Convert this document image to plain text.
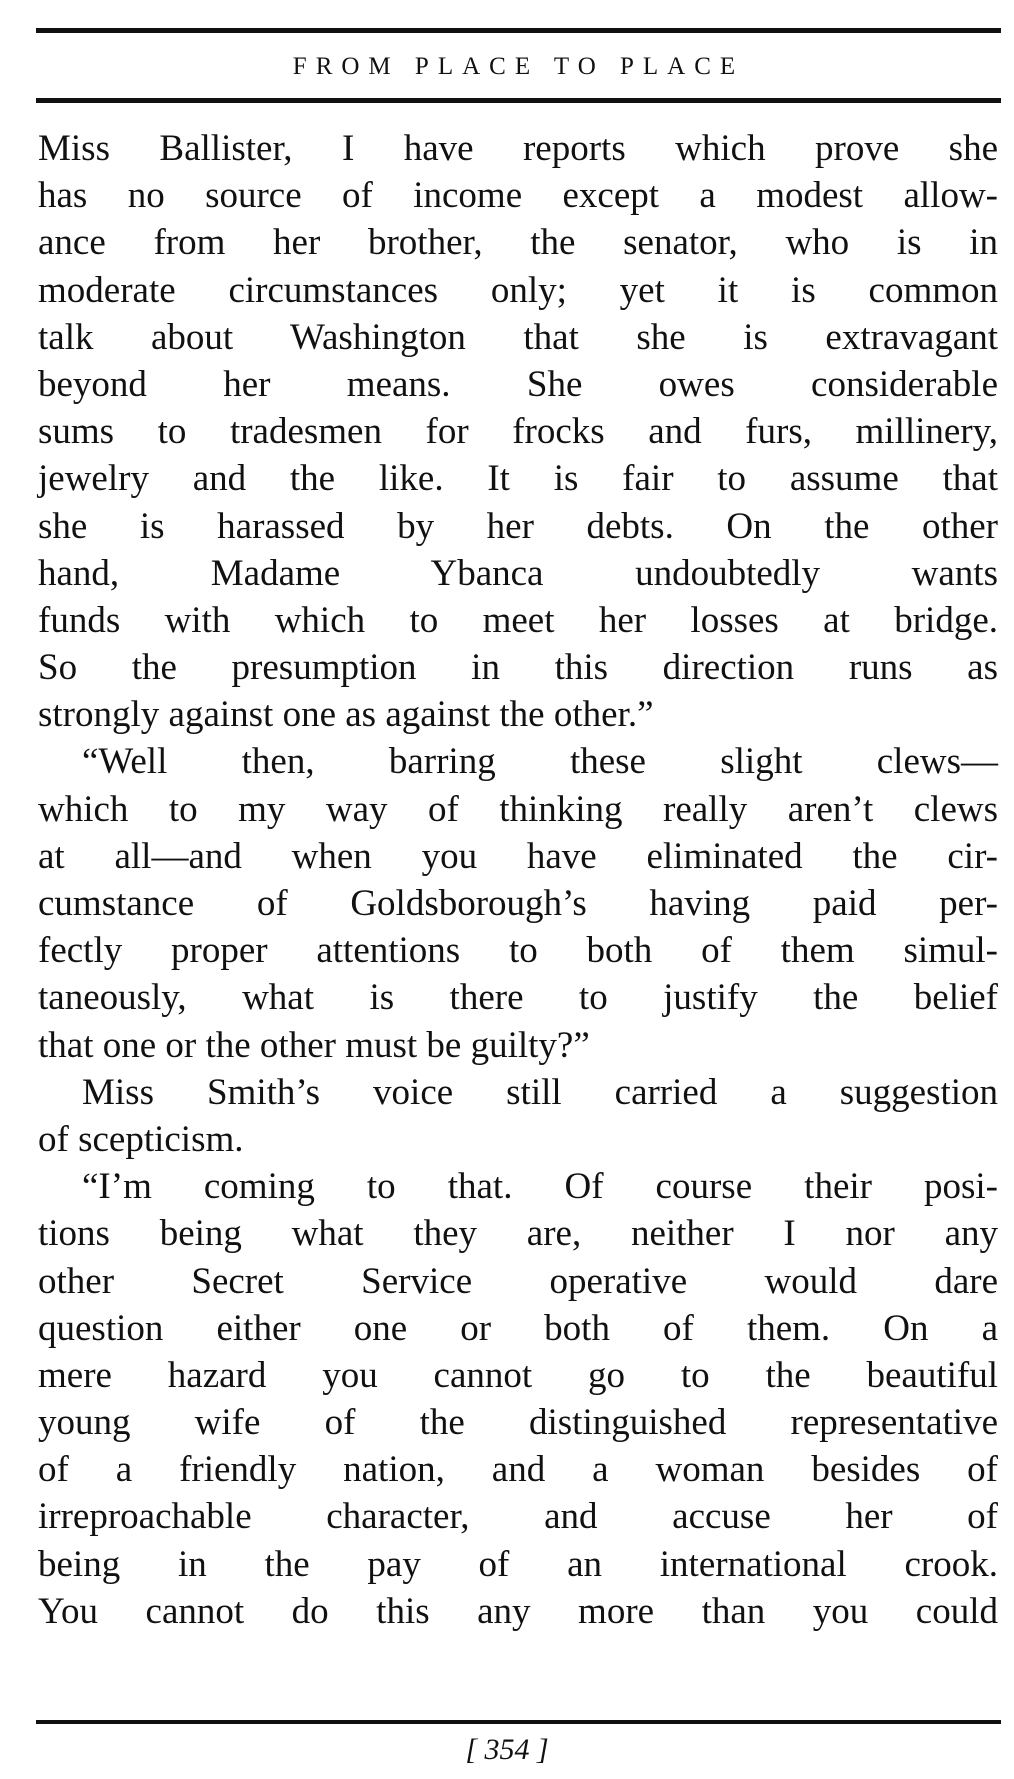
FROM PLACE TO PLACE
Miss Ballister, I have reports which prove she
has no source of income except a modest allow-
ance from her brother, the senator, who is in
moderate circumstances only; yet it is common
talk about Washington that she is extravagant
beyond her means. She owes considerable
sums to tradesmen for frocks and furs, millinery,
jewelry and the like. It is fair to assume that
she is harassed by her debts. On the other
hand, Madame Ybanca undoubtedly wants
funds with which to meet her losses at bridge.
So the presumption in this direction runs as
strongly against one as against the other.”
“Well then, barring these slight clews—
which to my way of thinking really aren’t clews
at all—and when you have eliminated the cir-
cumstance of Goldsborough’s having paid per-
fectly proper attentions to both of them simul-
taneously, what is there to justify the belief
that one or the other must be guilty?”
Miss Smith’s voice still carried a suggestion
of scepticism.
“I’m coming to that. Of course their posi-
tions being what they are, neither I nor any
other Secret Service operative would dare
question either one or both of them. On a
mere hazard you cannot go to the beautiful
young wife of the distinguished representative
of a friendly nation, and a woman besides of
irreproachable character, and accuse her of
being in the pay of an international crook.
You cannot do this any more than you could
[ 354 ]
